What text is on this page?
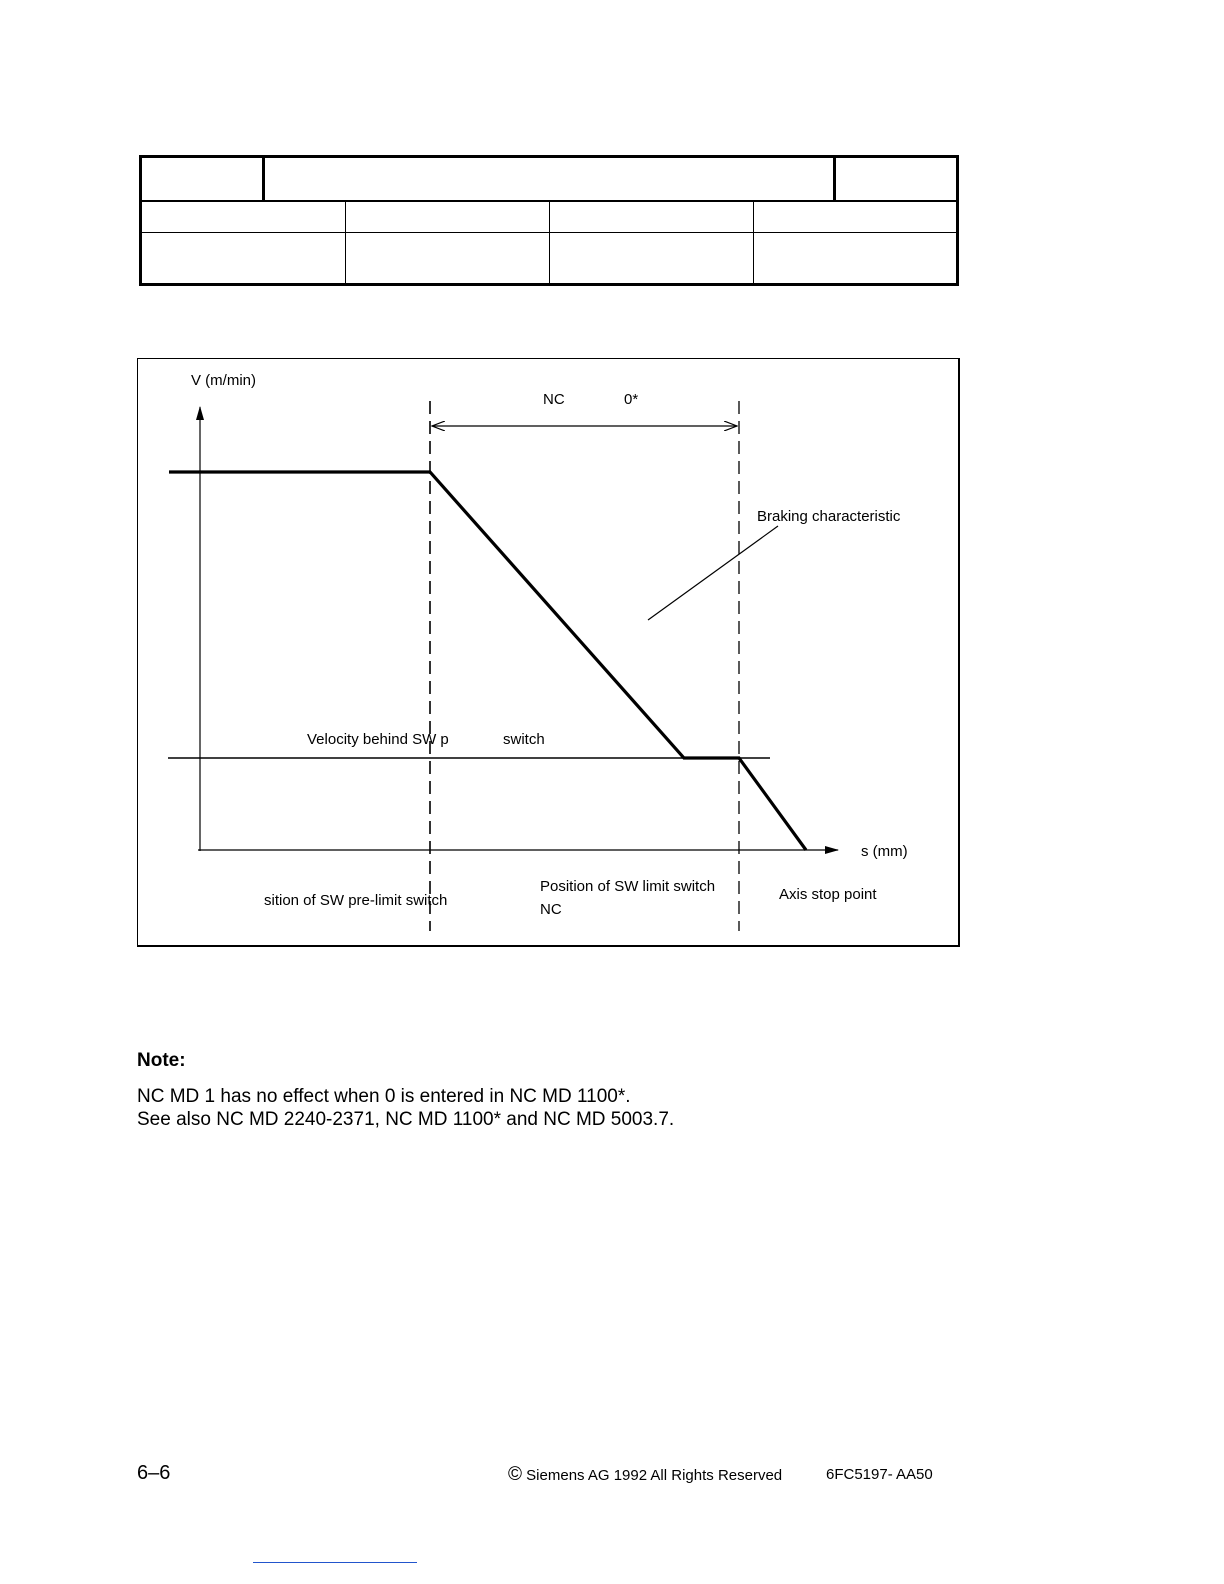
V (m/min)
s (mm)
NC	0*
Braking characteristic
Velocity behind SW p	switch
sition of SW pre-limit switch
Position of SW limit switch
NC
Axis stop point
Note:
NC MD 1 has no effect when 0 is entered in NC MD 1100*.
See also NC MD 2240-2371, NC MD 1100* and NC MD 5003.7.
6–6	© Siemens AG 1992 All Rights Reserved	6FC5197- AA50
